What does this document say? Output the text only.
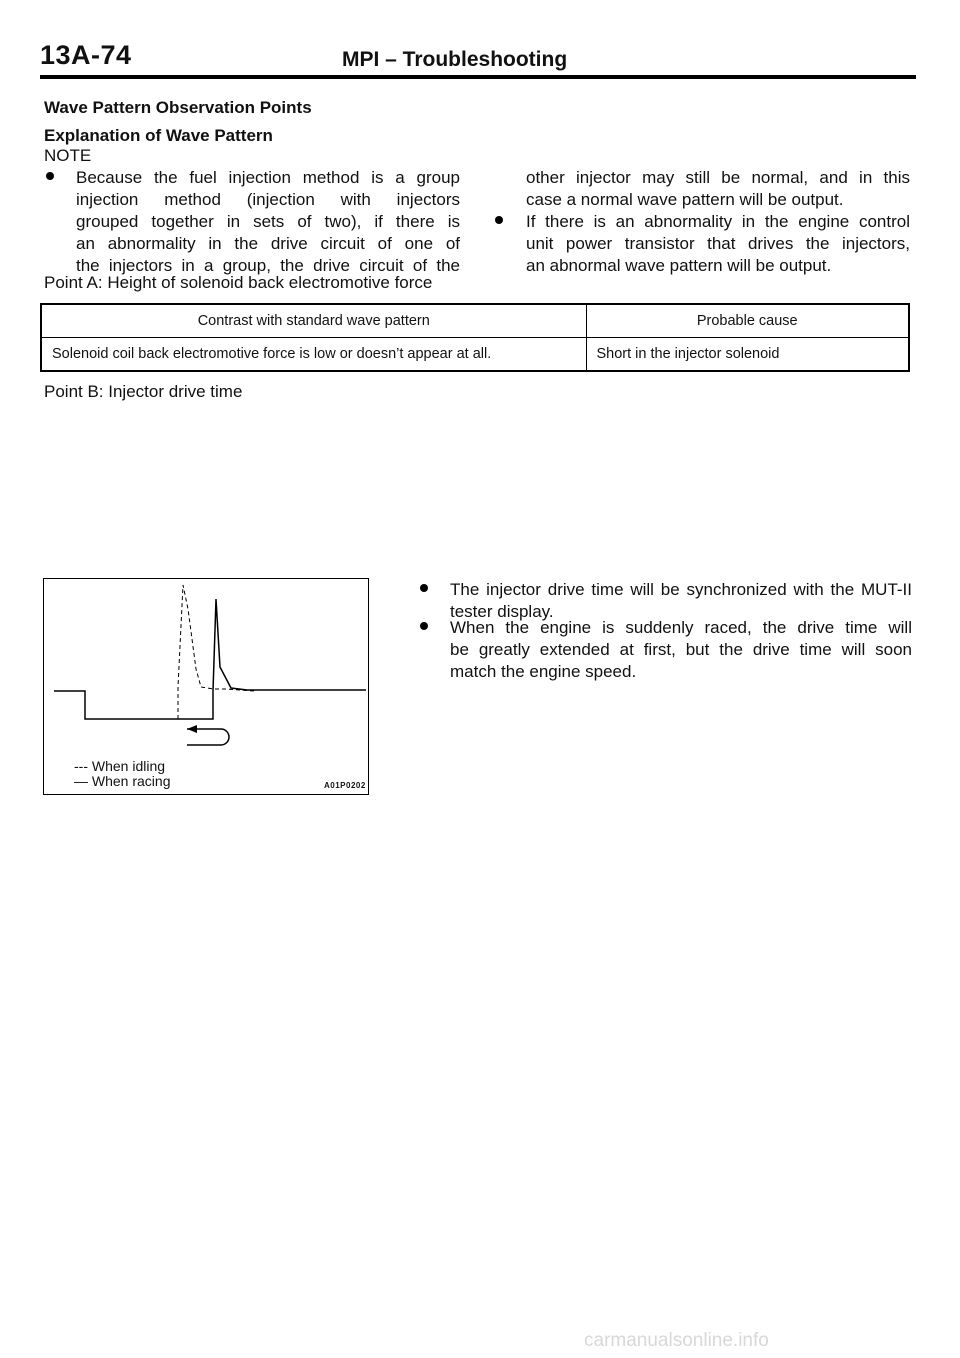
13A-74	MPI – Troubleshooting
Wave Pattern Observation Points
Explanation of Wave Pattern
NOTE
Because the fuel injection method is a group
injection method (injection with injectors
grouped together in sets of two), if there is
an abnormality in the drive circuit of one of
the injectors in a group, the drive circuit of the
other injector may still be normal, and in this
case a normal wave pattern will be output.
If there is an abnormality in the engine control
unit power transistor that drives the injectors,
an abnormal wave pattern will be output.
Point A: Height of solenoid back electromotive force
Contrast with standard wave pattern	Probable cause
Solenoid coil back electromotive force is low or doesn’t appear at all.	Short in the injector solenoid
Point B: Injector drive time
--- When idling
— When racing	A01P0202
The injector drive time will be synchronized with the MUT-II
tester display.
When the engine is suddenly raced, the drive time will
be greatly extended at first, but the drive time will soon
match the engine speed.
carmanualsonline.info
